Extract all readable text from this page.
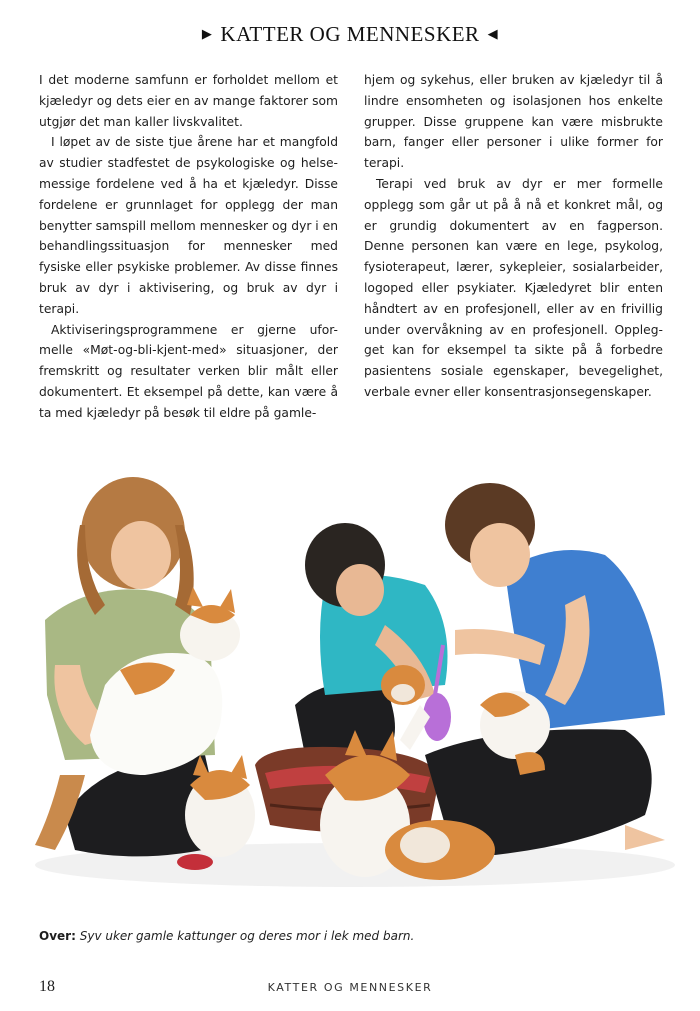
▶ KATTER OG MENNESKER ◀

I det moderne samfunn er forholdet mellom et kjæledyr og dets eier en av mange faktorer som utgjør det man kaller livskvalitet.

I løpet av de siste tjue årene har et mangfold av studier stadfestet de psykologiske og helse-messige fordelene ved å ha et kjæledyr. Disse fordelene er grunnlaget for opplegg der man benytter samspill mellom mennesker og dyr i en behandlingssituasjon for mennesker med fysiske eller psykiske problemer. Av disse finnes bruk av dyr i aktivisering, og bruk av dyr i terapi.

Aktiviseringsprogrammene er gjerne ufor-melle «Møt-og-bli-kjent-med» situasjoner, der fremskritt og resultater verken blir målt eller dokumentert. Et eksempel på dette, kan være å ta med kjæledyr på besøk til eldre på gamle-

hjem og sykehus, eller bruken av kjæledyr til å lindre ensomheten og isolasjonen hos enkelte grupper. Disse gruppene kan være misbrukte barn, fanger eller personer i ulike former for terapi.

Terapi ved bruk av dyr er mer formelle opplegg som går ut på å nå et konkret mål, og er grundig dokumentert av en fagperson. Denne personen kan være en lege, psykolog, fysioterapeut, lærer, sykepleier, sosialarbeider, logoped eller psykiater. Kjæledyret blir enten håndtert av en profesjonell, eller av en frivillig under overvåkning av en profesjonell. Oppleg-get kan for eksempel ta sikte på å forbedre pasientens sosiale egenskaper, bevegelighet, verbale evner eller konsentrasjonsegenskaper.

Over: Syv uker gamle kattunger og deres mor i lek med barn.
18	KATTER OG MENNESKER
